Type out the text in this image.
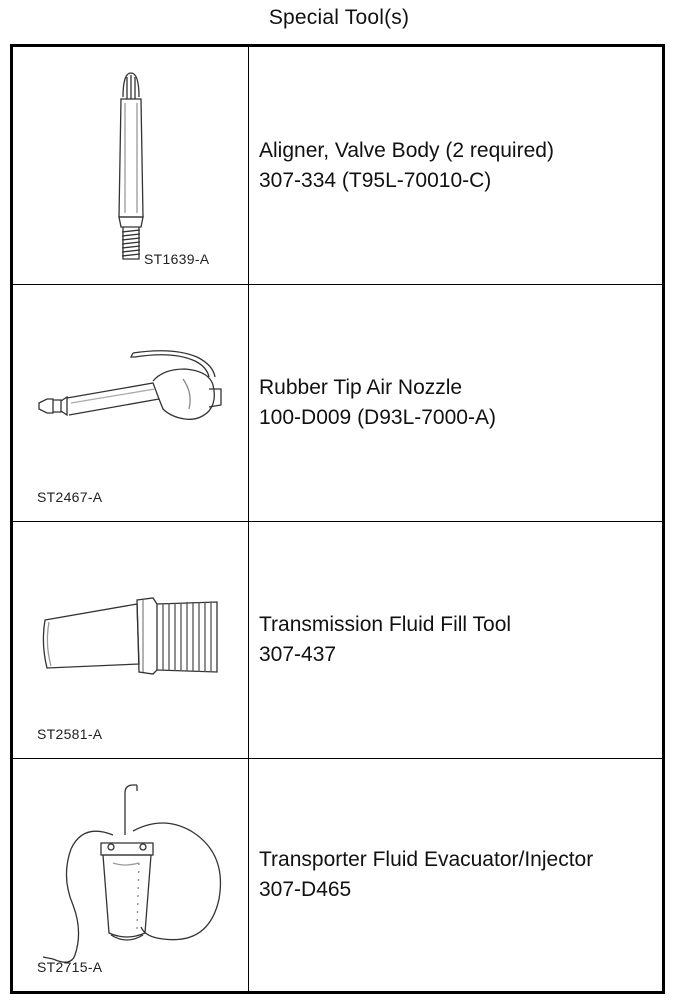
Special Tool(s)
ST1639-A
Aligner, Valve Body (2 required)
307-334 (T95L-70010-C)
ST2467-A
Rubber Tip Air Nozzle
100-D009 (D93L-7000-A)
ST2581-A
Transmission Fluid Fill Tool
307-437
ST2715-A
Transporter Fluid Evacuator/Injector
307-D465
